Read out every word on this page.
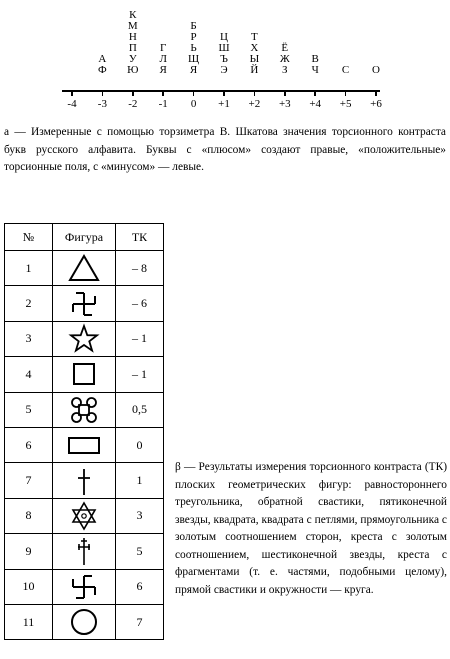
-4	-3
А
Ф
-2
К
М
Н
П
У
Ю
-1
Г
Л
Я
0
Б
Р
Ь
Щ
Я
+1
Ц
Ш
Ъ
Э
+2
Т
Х
Ы
Й
+3
Ё
Ж
З
+4
В
Ч
+5
С
+6
О
а — Измеренные с помощью торзиметра В. Шкатова значения торсионного контраста букв русского алфавита. Буквы с «плюсом» создают правые, «положительные» торсионные поля, с «минусом» — левые.
№	Фигура	ТК
1		– 8
2		– 6
3		– 1
4		– 1
5		0,5
6		0
7		1
8		3
9		5
10		6
11		7
β — Результаты измерения торсионного контраста (ТК) плоских геометрических фигур: равностороннего треугольника, обратной свастики, пятиконечной звезды, квадрата, квадрата с петлями, прямоугольника с золотым соотношением сторон, креста с золотым соотношением, шестиконечной звезды, креста с фрагментами (т. е. частями, подобными целому), прямой свастики и окружности — круга.
